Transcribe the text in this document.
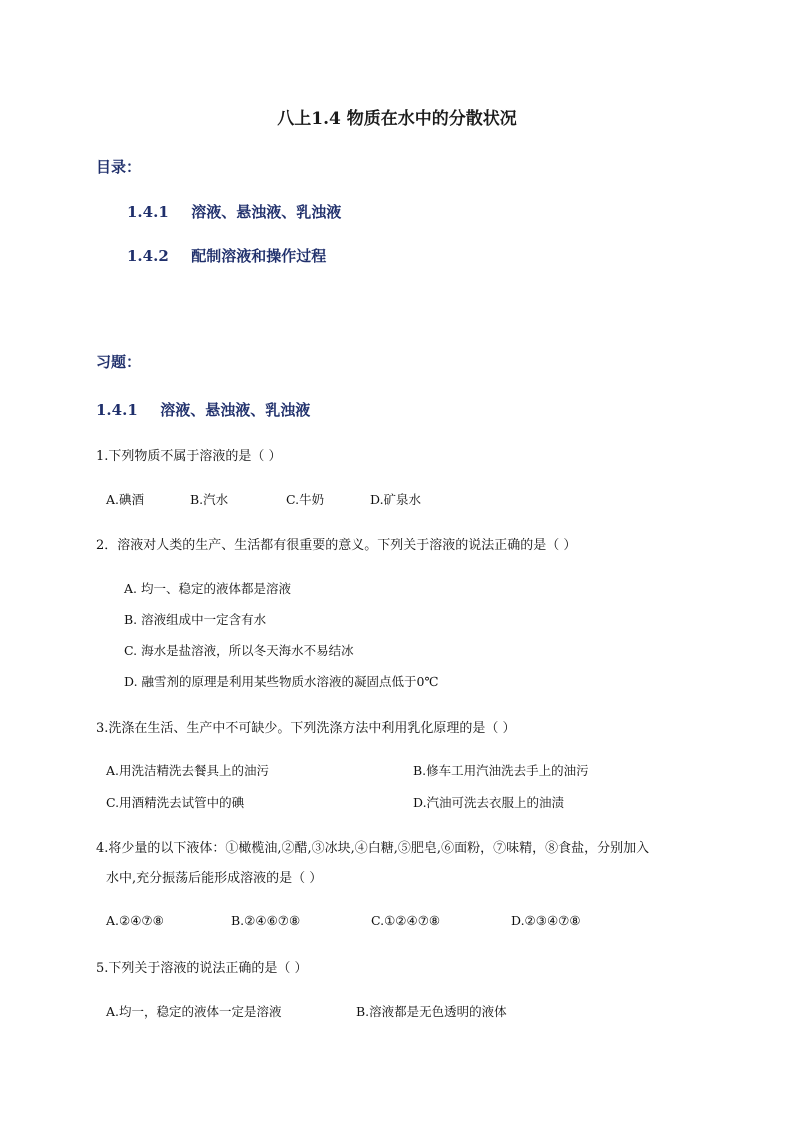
八上1.4 物质在水中的分散状况
目录：
1.4.1 溶液、悬浊液、乳浊液
1.4.2 配制溶液和操作过程
习题：
1.4.1 溶液、悬浊液、乳浊液
1.下列物质不属于溶液的是（ ）
A.碘酒	B.汽水	C.牛奶	D.矿泉水
2．溶液对人类的生产、生活都有很重要的意义。下列关于溶液的说法正确的是（ ）
A. 均一、稳定的液体都是溶液
B. 溶液组成中一定含有水
C. 海水是盐溶液，所以冬天海水不易结冰
D. 融雪剂的原理是利用某些物质水溶液的凝固点低于0℃
3.洗涤在生活、生产中不可缺少。下列洗涤方法中利用乳化原理的是（ ）
A.用洗洁精洗去餐具上的油污	B.修车工用汽油洗去手上的油污
C.用酒精洗去试管中的碘	D.汽油可洗去衣服上的油渍
4.将少量的以下液体：①橄榄油,②醋,③冰块,④白糖,⑤肥皂,⑥面粉，⑦味精，⑧食盐，分别加入
水中,充分振荡后能形成溶液的是（ ）
A.②④⑦⑧	B.②④⑥⑦⑧	C.①②④⑦⑧	D.②③④⑦⑧
5.下列关于溶液的说法正确的是（ ）
A.均一，稳定的液体一定是溶液	B.溶液都是无色透明的液体
